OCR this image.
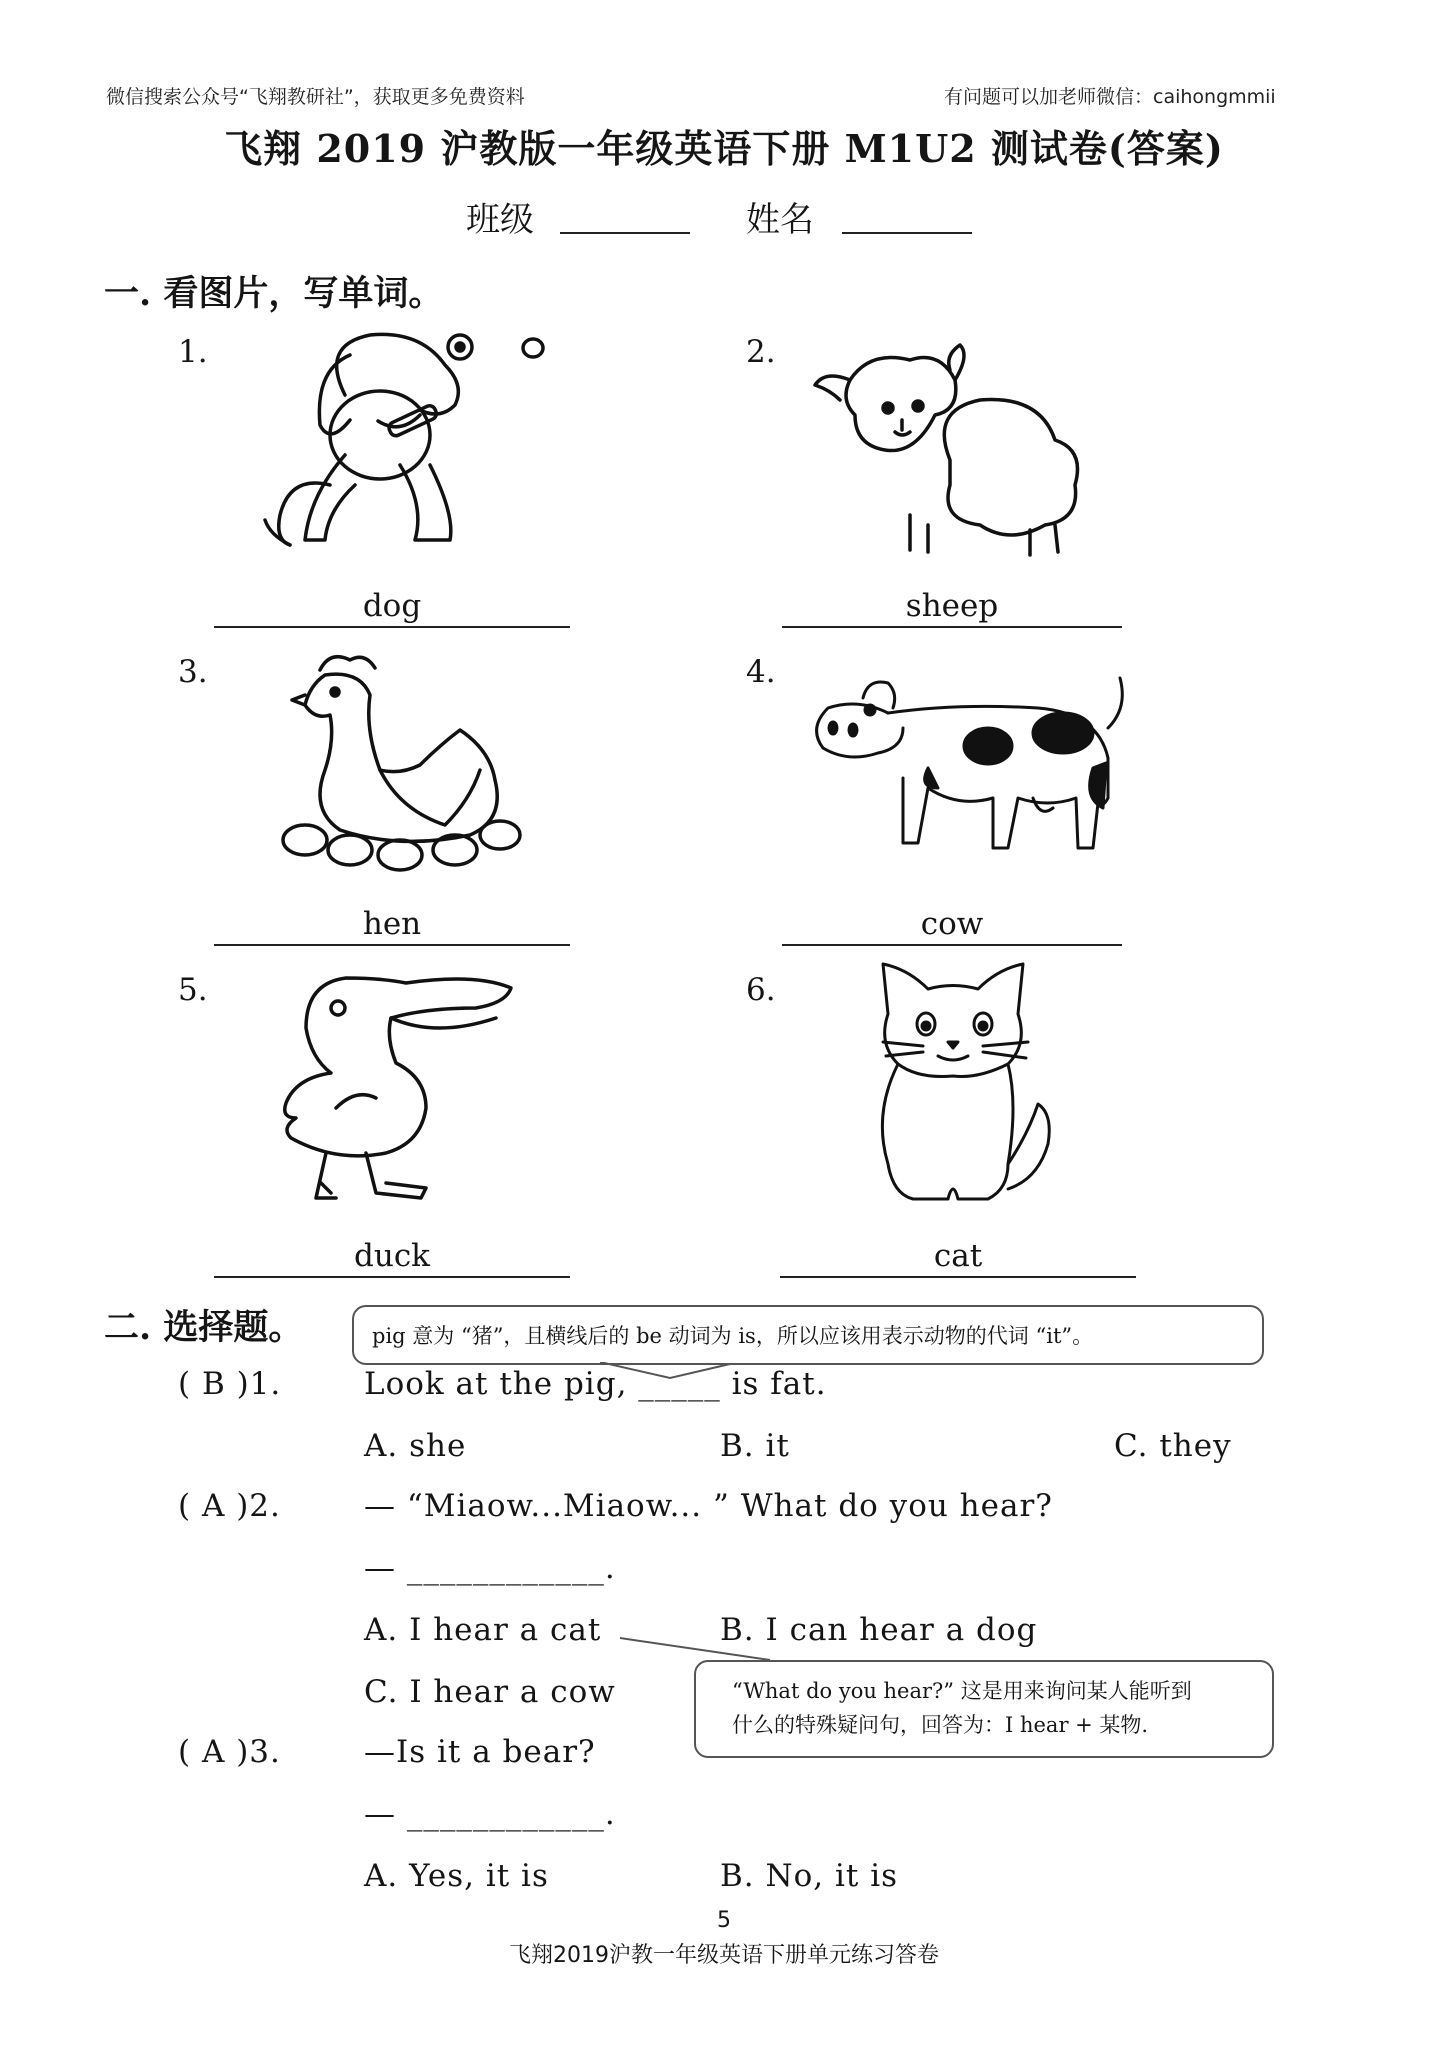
微信搜索公众号“飞翔教研社”，获取更多免费资料	有问题可以加老师微信：caihongmmii
飞翔 2019 沪教版一年级英语下册 M1U2 测试卷(答案)
班级	姓名
一. 看图片，写单词。
1.
dog
2.
sheep
3.
hen
4.
cow
5.
duck
6.
cat
二. 选择题。	pig 意为 “猪”，且横线后的 be 动词为 is，所以应该用表示动物的代词 “it”。
( B )1.	Look at the pig, _____ is fat.
A. she	B. it	C. they
( A )2.	— “Miaow...Miaow... ” What do you hear?
— ____________.
A. I hear a cat	B. I can hear a dog
C. I hear a cow	“What do you hear?” 这是用来询问某人能听到
什么的特殊疑问句，回答为：I hear + 某物.
( A )3.	—Is it a bear?
— ____________.
A. Yes, it is	B. No, it is
5
飞翔2019沪教一年级英语下册单元练习答卷
